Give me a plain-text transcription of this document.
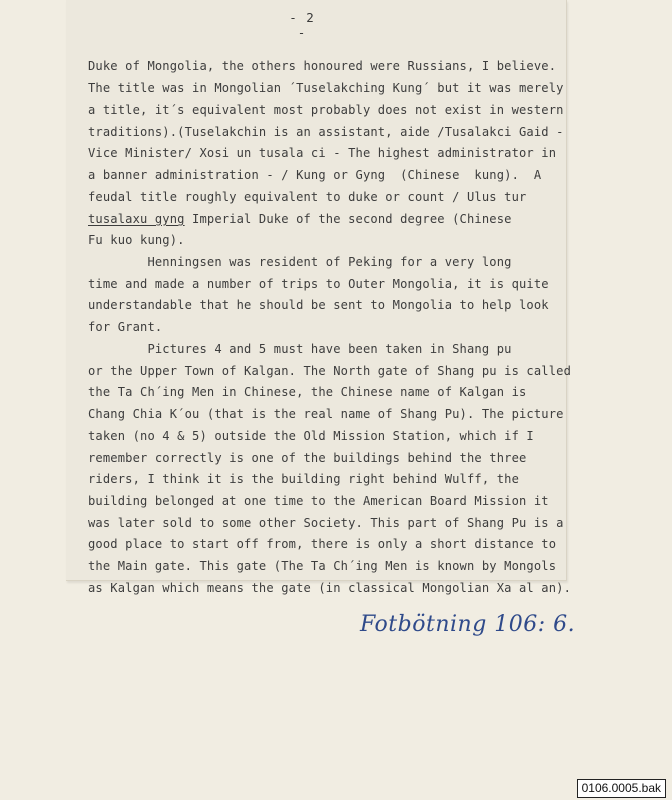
- 2 -
Duke of Mongolia, the others honoured were Russians, I believe.
The title was in Mongolian ´Tuselakching Kung´ but it was merely
a title, it´s equivalent most probably does not exist in western
traditions).(Tuselakchin is an assistant, aide /Tusalakci Gaid -
Vice Minister/ Xosi un tusala ci - The highest administrator in
a banner administration - / Kung or Gyng  (Chinese  kung).  A
feudal title roughly equivalent to duke or count / Ulus tur
tusalaxu gyng Imperial Duke of the second degree (Chinese
Fu kuo kung).
Henningsen was resident of Peking for a very long
time and made a number of trips to Outer Mongolia, it is quite
understandable that he should be sent to Mongolia to help look
for Grant.
Pictures 4 and 5 must have been taken in Shang pu
or the Upper Town of Kalgan. The North gate of Shang pu is called
the Ta Ch´ing Men in Chinese, the Chinese name of Kalgan is
Chang Chia K´ou (that is the real name of Shang Pu). The picture
taken (no 4 & 5) outside the Old Mission Station, which if I
remember correctly is one of the buildings behind the three
riders, I think it is the building right behind Wulff, the
building belonged at one time to the American Board Mission it
was later sold to some other Society. This part of Shang Pu is a
good place to start off from, there is only a short distance to
the Main gate. This gate (The Ta Ch´ing Men is known by Mongols
as Kalgan which means the gate (in classical Mongolian Xa al an).
Fotbötning 106: 6.
0106.0005.bak
